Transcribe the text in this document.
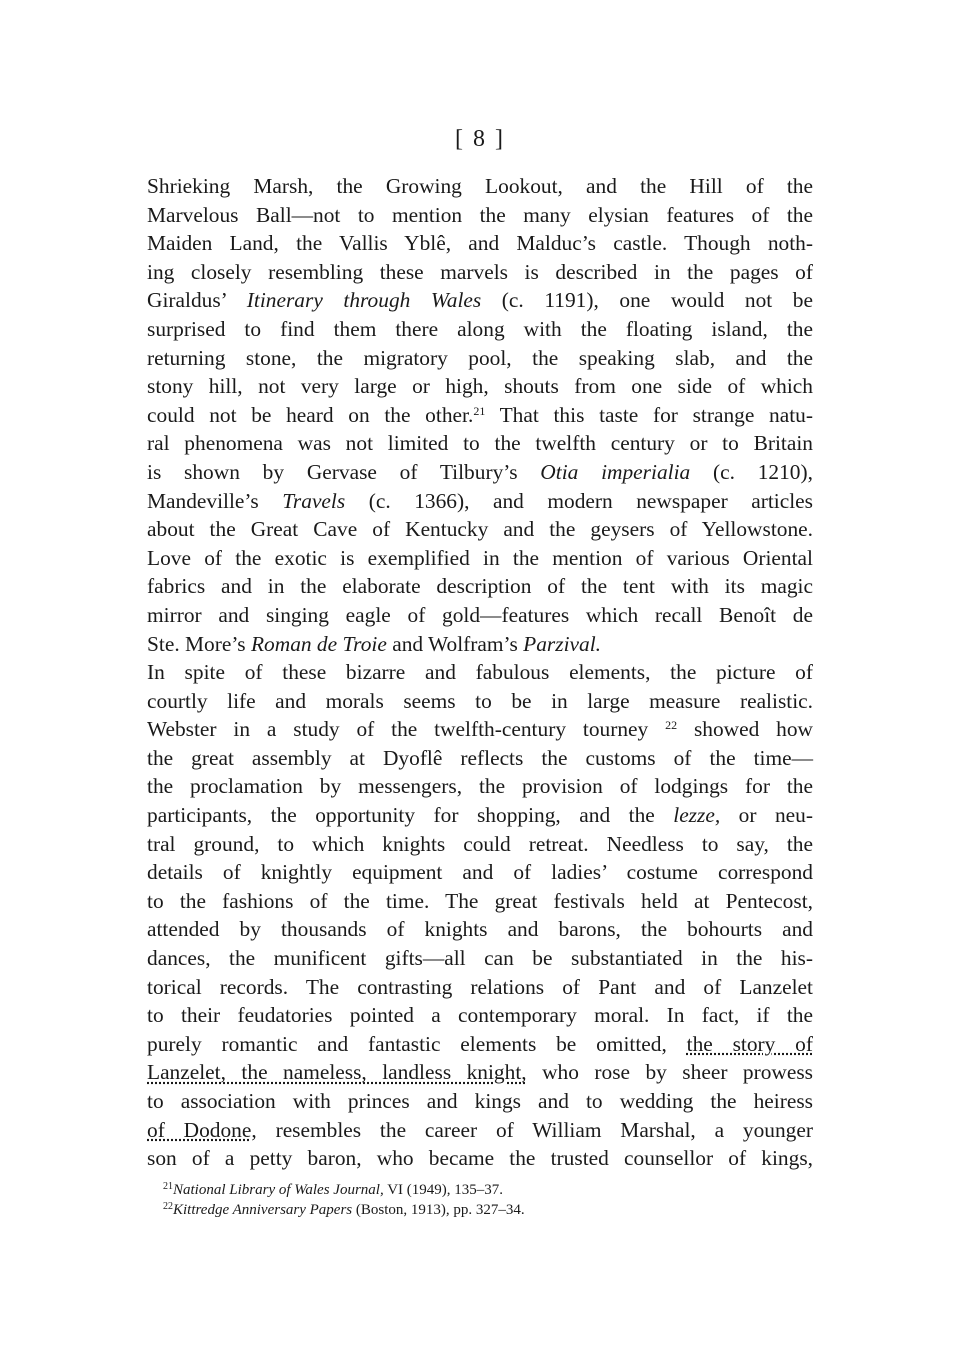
[ 8 ]
Shrieking Marsh, the Growing Lookout, and the Hill of the
Marvelous Ball—not to mention the many elysian features of the
Maiden Land, the Vallis Yblê, and Malduc’s castle. Though noth-
ing closely resembling these marvels is described in the pages of
Giraldus’ Itinerary through Wales (c. 1191), one would not be
surprised to find them there along with the floating island, the
returning stone, the migratory pool, the speaking slab, and the
stony hill, not very large or high, shouts from one side of which
could not be heard on the other.$^{21}$ That this taste for strange natu-
ral phenomena was not limited to the twelfth century or to Britain
is shown by Gervase of Tilbury’s Otia imperialia (c. 1210),
Mandeville’s Travels (c. 1366), and modern newspaper articles
about the Great Cave of Kentucky and the geysers of Yellowstone.
Love of the exotic is exemplified in the mention of various Oriental
fabrics and in the elaborate description of the tent with its magic
mirror and singing eagle of gold—features which recall Benoît de
Ste. More’s Roman de Troie and Wolfram’s Parzival.
In spite of these bizarre and fabulous elements, the picture of
courtly life and morals seems to be in large measure realistic.
Webster in a study of the twelfth-century tourney $^{22}$ showed how
the great assembly at Dyoflê reflects the customs of the time—
the proclamation by messengers, the provision of lodgings for the
participants, the opportunity for shopping, and the lezze, or neu-
tral ground, to which knights could retreat. Needless to say, the
details of knightly equipment and of ladies’ costume correspond
to the fashions of the time. The great festivals held at Pentecost,
attended by thousands of knights and barons, the bohourts and
dances, the munificent gifts—all can be substantiated in the his-
torical records. The contrasting relations of Pant and of Lanzelet
to their feudatories pointed a contemporary moral. In fact, if the
purely romantic and fantastic elements be omitted, the story of
Lanzelet, the nameless, landless knight, who rose by sheer prowess
to association with princes and kings and to wedding the heiress
of Dodone, resembles the career of William Marshal, a younger
son of a petty baron, who became the trusted counsellor of kings,
$^{21}$National Library of Wales Journal, VI (1949), 135–37.
$^{22}$Kittredge Anniversary Papers (Boston, 1913), pp. 327–34.
